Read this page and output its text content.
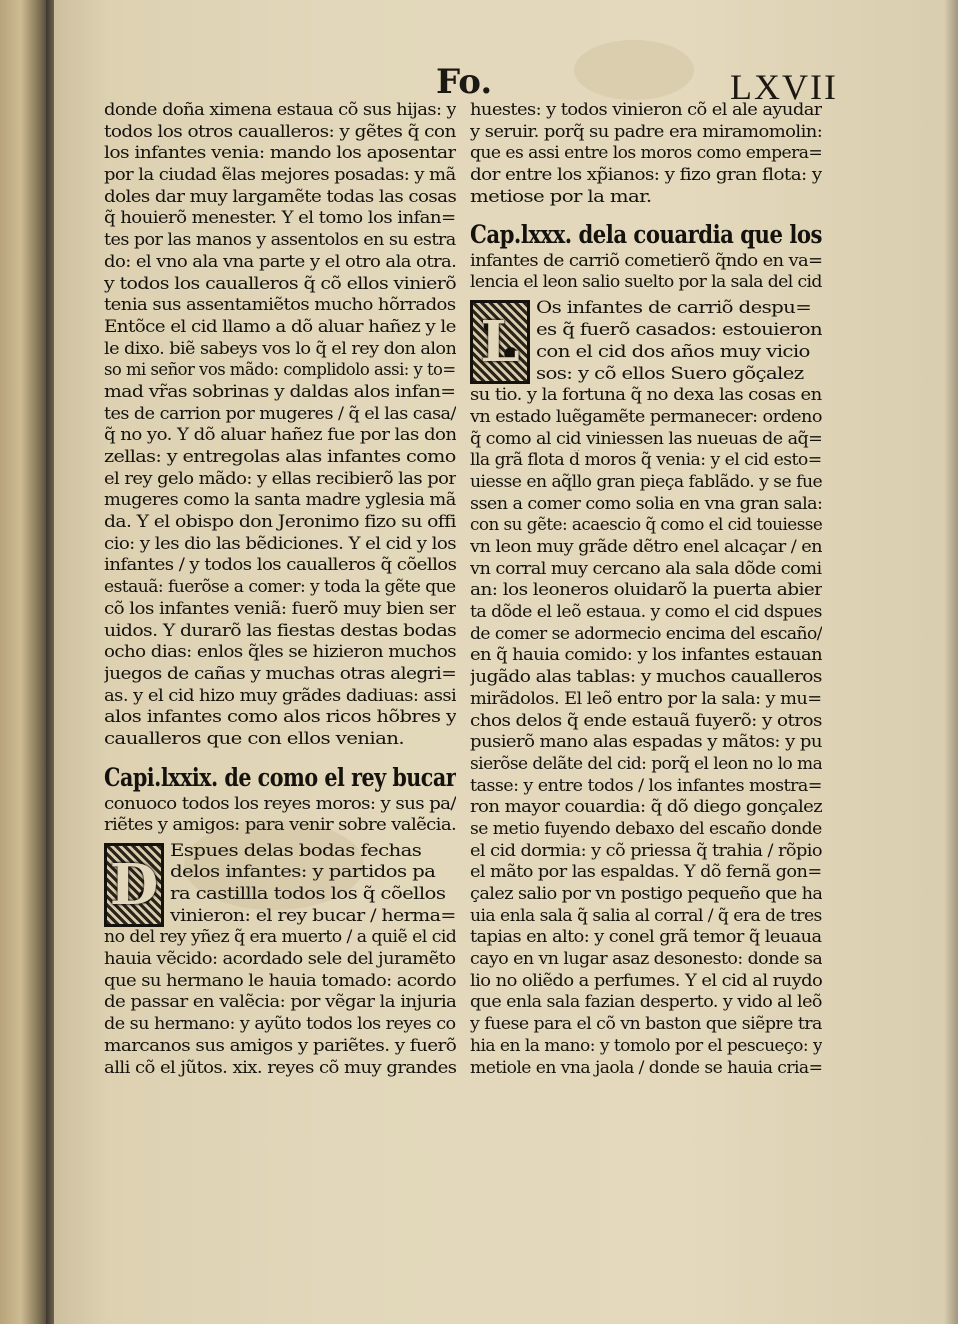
Fo.	LXVII
donde doña ximena estaua cõ sus hijas: y
todos los otros caualleros: y gẽtes q̃ con
los infantes venia: mando los aposentar
por la ciudad ẽlas mejores posadas: y mã
doles dar muy largamẽte todas las cosas
q̃ houierõ menester. Y el tomo los infan=
tes por las manos y assentolos en su estra
do: el vno ala vna parte y el otro ala otra.
y todos los caualleros q̃ cõ ellos vinierõ
tenia sus assentamiẽtos mucho hõrrados
Entõce el cid llamo a dõ aluar hañez y le
le dixo. biẽ sabeys vos lo q̃ el rey don alon
so mi señor vos mãdo: complidolo assi: y to=
mad vr̃as sobrinas y daldas alos infan=
tes de carrion por mugeres / q̃ el las casa/
q̃ no yo. Y dõ aluar hañez fue por las don
zellas: y entregolas alas infantes como
el rey gelo mãdo: y ellas recibierõ las por
mugeres como la santa madre yglesia mã
da. Y el obispo don Jeronimo fizo su offi
cio: y les dio las bẽdiciones. Y el cid y los
infantes / y todos los caualleros q̃ cõellos
estauã: fuerõse a comer: y toda la gẽte que
cõ los infantes veniã: fuerõ muy bien ser
uidos. Y durarõ las fiestas destas bodas
ocho dias: enlos q̃les se hizieron muchos
juegos de cañas y muchas otras alegri=
as. y el cid hizo muy grãdes dadiuas: assi
alos infantes como alos ricos hõbres y
caualleros que con ellos venian.
Capi.lxxix. de como el rey bucar
conuoco todos los reyes moros: y sus pa/
riẽtes y amigos: para venir sobre valẽcia.
D
Espues delas bodas fechas
delos infantes: y partidos pa
ra castillla todos los q̃ cõellos
vinieron: el rey bucar / herma=
no del rey yñez q̃ era muerto / a quiẽ el cid
hauia vẽcido: acordado sele del juramẽto
que su hermano le hauia tomado: acordo
de passar en valẽcia: por vẽgar la injuria
de su hermano: y ayũto todos los reyes co
marcanos sus amigos y pariẽtes. y fuerõ
alli cõ el jũtos. xix. reyes cõ muy grandes
huestes: y todos vinieron cõ el ale ayudar
y seruir. porq̃ su padre era miramomolin:
que es assi entre los moros como empera=
dor entre los xp̃ianos: y fizo gran flota: y
metiose por la mar.
Cap.lxxx. dela couardia que los
infantes de carriõ cometierõ q̃ndo en va=
lencia el leon salio suelto por la sala del cid
L
Os infantes de carriõ despu=
es q̃ fuerõ casados: estouieron
con el cid dos años muy vicio
sos: y cõ ellos Suero gõçalez
su tio. y la fortuna q̃ no dexa las cosas en
vn estado luẽgamẽte permanecer: ordeno
q̃ como al cid viniessen las nueuas de aq̃=
lla grã flota d̃ moros q̃ venia: y el cid esto=
uiesse en aq̃llo gran pieça fablãdo. y se fue
ssen a comer como solia en vna gran sala:
con su gẽte: acaescio q̃ como el cid touiesse
vn leon muy grãde dẽtro enel alcaçar / en
vn corral muy cercano ala sala dõde comi
an: los leoneros oluidarõ la puerta abier
ta dõde el leõ estaua. y como el cid dspues
de comer se adormecio encima del escaño/
en q̃ hauia comido: y los infantes estauan
jugãdo alas tablas: y muchos caualleros
mirãdolos. El leõ entro por la sala: y mu=
chos delos q̃ ende estauã fuyerõ: y otros
pusierõ mano alas espadas y mãtos: y pu
sierõse delãte del cid: porq̃ el leon no lo ma
tasse: y entre todos / los infantes mostra=
ron mayor couardia: q̃ dõ diego gonçalez
se metio fuyendo debaxo del escaño donde
el cid dormia: y cõ priessa q̃ trahia / rõpio
el mãto por las espaldas. Y dõ fernã gon=
çalez salio por vn postigo pequeño que ha
uia enla sala q̃ salia al corral / q̃ era de tres
tapias en alto: y conel grã temor q̃ leuaua
cayo en vn lugar asaz desonesto: donde sa
lio no oliẽdo a perfumes. Y el cid al ruydo
que enla sala fazian desperto. y vido al leõ
y fuese para el cõ vn baston que siẽpre tra
hia en la mano: y tomolo por el pescueço: y
metiole en vna jaola / donde se hauia cria=
